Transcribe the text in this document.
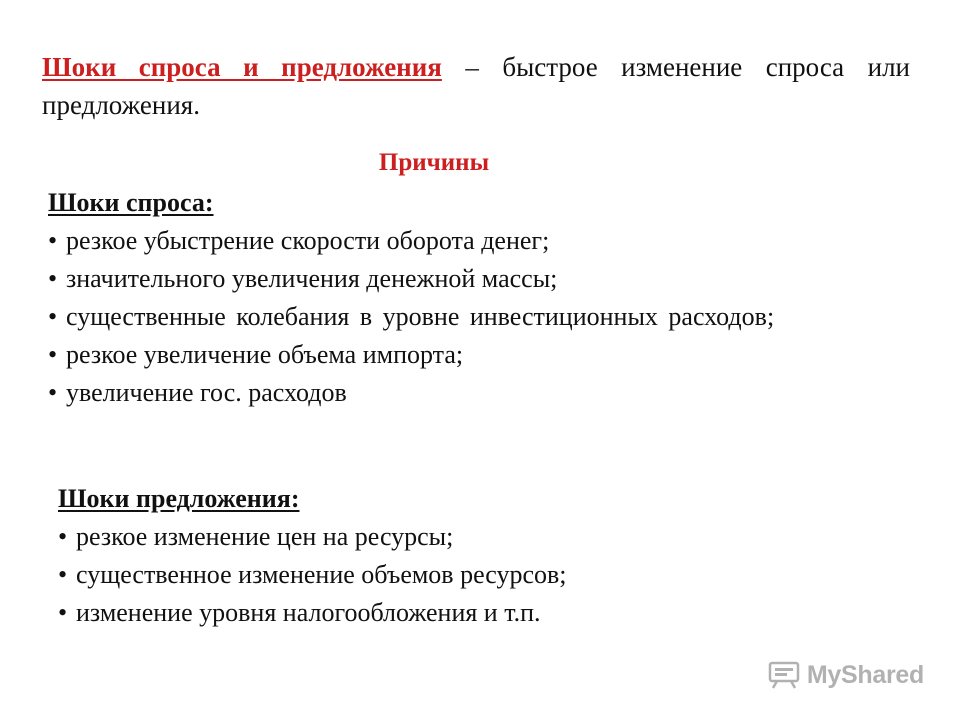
Шоки спроса и предложения – быстрое изменение спроса или предложения.
Причины
Шоки спроса:
• резкое убыстрение скорости оборота денег;
• значительного увеличения денежной массы;
• существенные колебания в уровне инвестиционных расходов;
• резкое увеличение объема импорта;
• увеличение гос. расходов
Шоки предложения:
• резкое изменение цен на ресурсы;
• существенное изменение объемов ресурсов;
• изменение уровня налогообложения и т.п.
MyShared
